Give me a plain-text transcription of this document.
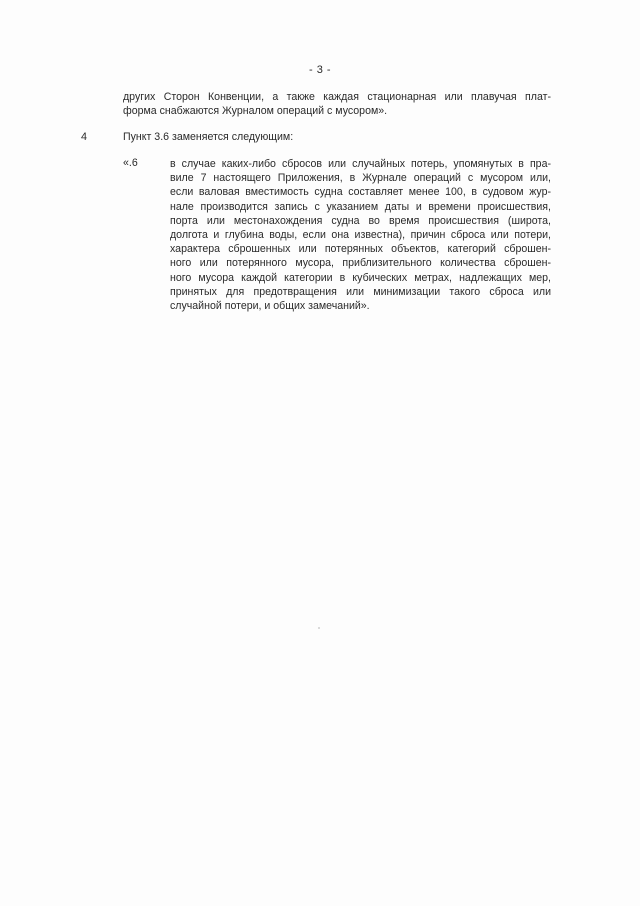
- 3 -
других Сторон Конвенции, а также каждая стационарная или плавучая плат-
форма снабжаются Журналом операций с мусором».
4	Пункт 3.6 заменяется следующим:
«.6	в случае каких-либо сбросов или случайных потерь, упомянутых в пра-
виле 7 настоящего Приложения, в Журнале операций с мусором или,
если валовая вместимость судна составляет менее 100, в судовом жур-
нале производится запись с указанием даты и времени происшествия,
порта или местонахождения судна во время происшествия (широта,
долгота и глубина воды, если она известна), причин сброса или потери,
характера сброшенных или потерянных объектов, категорий сброшен-
ного или потерянного мусора, приблизительного количества сброшен-
ного мусора каждой категории в кубических метрах, надлежащих мер,
принятых для предотвращения или минимизации такого сброса или
случайной потери, и общих замечаний».
